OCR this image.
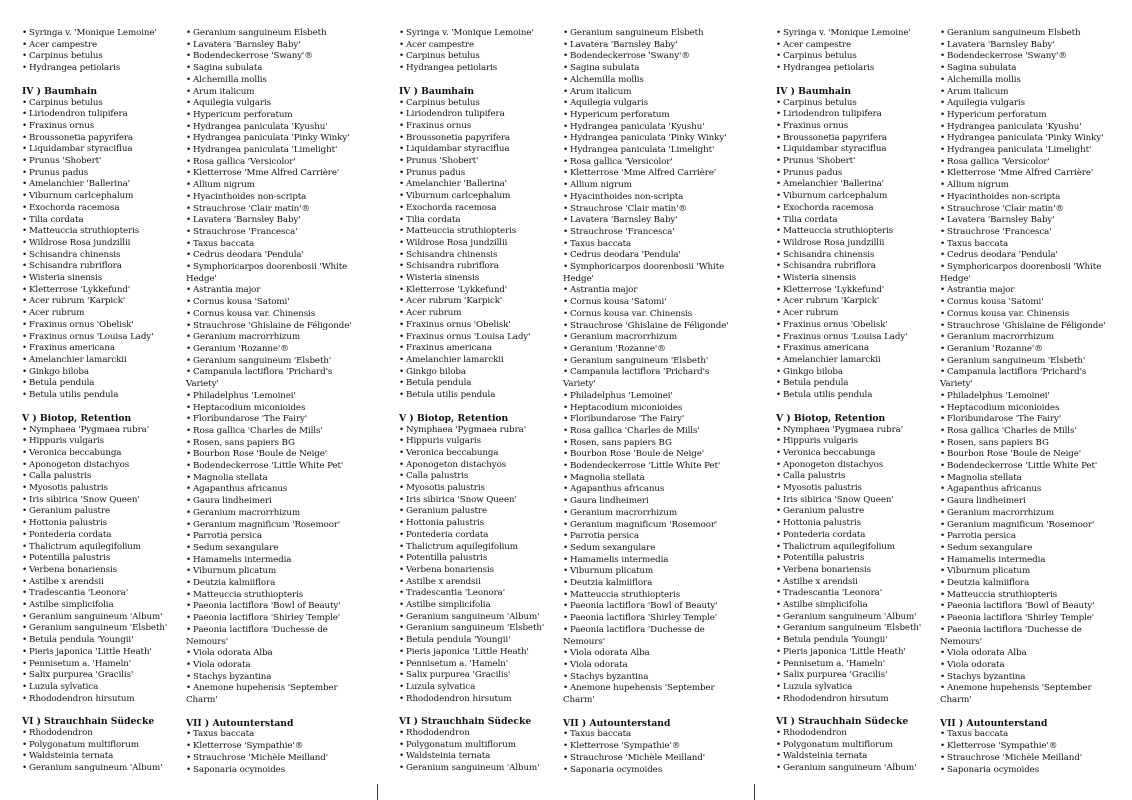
• Syringa v. 'Monique Lemoine'
• Acer campestre
• Carpinus betulus
• Hydrangea petiolaris
IV ) Baumhain
• Carpinus betulus
• Liriodendron tulipifera
• Fraxinus ornus
• Broussonetia papyrifera
• Liquidambar styraciflua
• Prunus 'Shobert'
• Prunus padus
• Amelanchier 'Ballerina'
• Viburnum carlcephalum
• Exochorda racemosa
• Tilia cordata
• Matteuccia struthiopteris
• Wildrose Rosa jundzillii
• Schisandra chinensis
• Schisandra rubriflora
• Wisteria sinensis
• Kletterrose 'Lykkefund'
• Acer rubrum 'Karpick'
• Acer rubrum
• Fraxinus ornus 'Obelisk'
• Fraxinus ornus 'Louisa Lady'
• Fraxinus americana
• Amelanchier lamarckii
• Ginkgo biloba
• Betula pendula
• Betula utilis pendula
V ) Biotop, Retention
• Nymphaea 'Pygmaea rubra'
• Hippuris vulgaris
• Veronica beccabunga
• Aponogeton distachyos
• Calla palustris
• Myosotis palustris
• Iris sibirica 'Snow Queen'
• Geranium palustre
• Hottonia palustris
• Pontederia cordata
• Thalictrum aquilegifolium
• Potentilla palustris
• Verbena bonariensis
• Astilbe x arendsii
• Tradescantia 'Leonora'
• Astilbe simplicifolia
• Geranium sanguineum 'Album'
• Geranium sanguineum 'Elsbeth'
• Betula pendula 'Youngii'
• Pieris japonica 'Little Heath'
• Pennisetum a. 'Hameln'
• Salix purpurea 'Gracilis'
• Luzula sylvatica
• Rhododendron hirsutum
VI ) Strauchhain Südecke
• Rhododendron
• Polygonatum multiflorum
• Waldsteinia ternata
• Geranium sanguineum 'Album'
• Geranium sanguineum Elsbeth
• Lavatera 'Barnsley Baby'
• Bodendeckerrose 'Swany'®
• Sagina subulata
• Alchemilla mollis
• Arum italicum
• Aquilegia vulgaris
• Hypericum perforatum
• Hydrangea paniculata 'Kyushu'
• Hydrangea paniculata 'Pinky Winky'
• Hydrangea paniculata 'Limelight'
• Rosa gallica 'Versicolor'
• Kletterrose 'Mme Alfred Carrière'
• Allium nigrum
• Hyacinthoides non-scripta
• Strauchrose 'Clair matin'®
• Lavatera 'Barnsley Baby'
• Strauchrose 'Francesca'
• Taxus baccata
• Cedrus deodara 'Pendula'
• Symphoricarpos doorenbosii 'White
Hedge'
• Astrantia major
• Cornus kousa 'Satomi'
• Cornus kousa var. Chinensis
• Strauchrose 'Ghislaine de Féligonde'
• Geranium macrorrhizum
• Geranium 'Rozanne'®
• Geranium sanguineum 'Elsbeth'
• Campanula lactiflora 'Prichard's
Variety'
• Philadelphus 'Lemoinei'
• Heptacodium miconioides
• Floribundarose 'The Fairy'
• Rosa gallica 'Charles de Mills'
• Rosen, sans papiers BG
• Bourbon Rose 'Boule de Neige'
• Bodendeckerrose 'Little White Pet'
• Magnolia stellata
• Agapanthus africanus
• Gaura lindheimeri
• Geranium macrorrhizum
• Geranium magnificum 'Rosemoor'
• Parrotia persica
• Sedum sexangulare
• Hamamelis intermedia
• Viburnum plicatum
• Deutzia kalmiiflora
• Matteuccia struthiopteris
• Paeonia lactiflora 'Bowl of Beauty'
• Paeonia lactiflora 'Shirley Temple'
• Paeonia lactiflora 'Duchesse de
Nemours'
• Viola odorata Alba
• Viola odorata
• Stachys byzantina
• Anemone hupehensis 'September
Charm'
VII ) Autounterstand
• Taxus baccata
• Kletterrose 'Sympathie'®
• Strauchrose 'Michèle Meilland'
• Saponaria ocymoides
• Syringa v. 'Monique Lemoine'
• Acer campestre
• Carpinus betulus
• Hydrangea petiolaris
IV ) Baumhain
• Carpinus betulus
• Liriodendron tulipifera
• Fraxinus ornus
• Broussonetia papyrifera
• Liquidambar styraciflua
• Prunus 'Shobert'
• Prunus padus
• Amelanchier 'Ballerina'
• Viburnum carlcephalum
• Exochorda racemosa
• Tilia cordata
• Matteuccia struthiopteris
• Wildrose Rosa jundzillii
• Schisandra chinensis
• Schisandra rubriflora
• Wisteria sinensis
• Kletterrose 'Lykkefund'
• Acer rubrum 'Karpick'
• Acer rubrum
• Fraxinus ornus 'Obelisk'
• Fraxinus ornus 'Louisa Lady'
• Fraxinus americana
• Amelanchier lamarckii
• Ginkgo biloba
• Betula pendula
• Betula utilis pendula
V ) Biotop, Retention
• Nymphaea 'Pygmaea rubra'
• Hippuris vulgaris
• Veronica beccabunga
• Aponogeton distachyos
• Calla palustris
• Myosotis palustris
• Iris sibirica 'Snow Queen'
• Geranium palustre
• Hottonia palustris
• Pontederia cordata
• Thalictrum aquilegifolium
• Potentilla palustris
• Verbena bonariensis
• Astilbe x arendsii
• Tradescantia 'Leonora'
• Astilbe simplicifolia
• Geranium sanguineum 'Album'
• Geranium sanguineum 'Elsbeth'
• Betula pendula 'Youngii'
• Pieris japonica 'Little Heath'
• Pennisetum a. 'Hameln'
• Salix purpurea 'Gracilis'
• Luzula sylvatica
• Rhododendron hirsutum
VI ) Strauchhain Südecke
• Rhododendron
• Polygonatum multiflorum
• Waldsteinia ternata
• Geranium sanguineum 'Album'
• Geranium sanguineum Elsbeth
• Lavatera 'Barnsley Baby'
• Bodendeckerrose 'Swany'®
• Sagina subulata
• Alchemilla mollis
• Arum italicum
• Aquilegia vulgaris
• Hypericum perforatum
• Hydrangea paniculata 'Kyushu'
• Hydrangea paniculata 'Pinky Winky'
• Hydrangea paniculata 'Limelight'
• Rosa gallica 'Versicolor'
• Kletterrose 'Mme Alfred Carrière'
• Allium nigrum
• Hyacinthoides non-scripta
• Strauchrose 'Clair matin'®
• Lavatera 'Barnsley Baby'
• Strauchrose 'Francesca'
• Taxus baccata
• Cedrus deodara 'Pendula'
• Symphoricarpos doorenbosii 'White
Hedge'
• Astrantia major
• Cornus kousa 'Satomi'
• Cornus kousa var. Chinensis
• Strauchrose 'Ghislaine de Féligonde'
• Geranium macrorrhizum
• Geranium 'Rozanne'®
• Geranium sanguineum 'Elsbeth'
• Campanula lactiflora 'Prichard's
Variety'
• Philadelphus 'Lemoinei'
• Heptacodium miconioides
• Floribundarose 'The Fairy'
• Rosa gallica 'Charles de Mills'
• Rosen, sans papiers BG
• Bourbon Rose 'Boule de Neige'
• Bodendeckerrose 'Little White Pet'
• Magnolia stellata
• Agapanthus africanus
• Gaura lindheimeri
• Geranium macrorrhizum
• Geranium magnificum 'Rosemoor'
• Parrotia persica
• Sedum sexangulare
• Hamamelis intermedia
• Viburnum plicatum
• Deutzia kalmiiflora
• Matteuccia struthiopteris
• Paeonia lactiflora 'Bowl of Beauty'
• Paeonia lactiflora 'Shirley Temple'
• Paeonia lactiflora 'Duchesse de
Nemours'
• Viola odorata Alba
• Viola odorata
• Stachys byzantina
• Anemone hupehensis 'September
Charm'
VII ) Autounterstand
• Taxus baccata
• Kletterrose 'Sympathie'®
• Strauchrose 'Michèle Meilland'
• Saponaria ocymoides
• Syringa v. 'Monique Lemoine'
• Acer campestre
• Carpinus betulus
• Hydrangea petiolaris
IV ) Baumhain
• Carpinus betulus
• Liriodendron tulipifera
• Fraxinus ornus
• Broussonetia papyrifera
• Liquidambar styraciflua
• Prunus 'Shobert'
• Prunus padus
• Amelanchier 'Ballerina'
• Viburnum carlcephalum
• Exochorda racemosa
• Tilia cordata
• Matteuccia struthiopteris
• Wildrose Rosa jundzillii
• Schisandra chinensis
• Schisandra rubriflora
• Wisteria sinensis
• Kletterrose 'Lykkefund'
• Acer rubrum 'Karpick'
• Acer rubrum
• Fraxinus ornus 'Obelisk'
• Fraxinus ornus 'Louisa Lady'
• Fraxinus americana
• Amelanchier lamarckii
• Ginkgo biloba
• Betula pendula
• Betula utilis pendula
V ) Biotop, Retention
• Nymphaea 'Pygmaea rubra'
• Hippuris vulgaris
• Veronica beccabunga
• Aponogeton distachyos
• Calla palustris
• Myosotis palustris
• Iris sibirica 'Snow Queen'
• Geranium palustre
• Hottonia palustris
• Pontederia cordata
• Thalictrum aquilegifolium
• Potentilla palustris
• Verbena bonariensis
• Astilbe x arendsii
• Tradescantia 'Leonora'
• Astilbe simplicifolia
• Geranium sanguineum 'Album'
• Geranium sanguineum 'Elsbeth'
• Betula pendula 'Youngii'
• Pieris japonica 'Little Heath'
• Pennisetum a. 'Hameln'
• Salix purpurea 'Gracilis'
• Luzula sylvatica
• Rhododendron hirsutum
VI ) Strauchhain Südecke
• Rhododendron
• Polygonatum multiflorum
• Waldsteinia ternata
• Geranium sanguineum 'Album'
• Geranium sanguineum Elsbeth
• Lavatera 'Barnsley Baby'
• Bodendeckerrose 'Swany'®
• Sagina subulata
• Alchemilla mollis
• Arum italicum
• Aquilegia vulgaris
• Hypericum perforatum
• Hydrangea paniculata 'Kyushu'
• Hydrangea paniculata 'Pinky Winky'
• Hydrangea paniculata 'Limelight'
• Rosa gallica 'Versicolor'
• Kletterrose 'Mme Alfred Carrière'
• Allium nigrum
• Hyacinthoides non-scripta
• Strauchrose 'Clair matin'®
• Lavatera 'Barnsley Baby'
• Strauchrose 'Francesca'
• Taxus baccata
• Cedrus deodara 'Pendula'
• Symphoricarpos doorenbosii 'White
Hedge'
• Astrantia major
• Cornus kousa 'Satomi'
• Cornus kousa var. Chinensis
• Strauchrose 'Ghislaine de Féligonde'
• Geranium macrorrhizum
• Geranium 'Rozanne'®
• Geranium sanguineum 'Elsbeth'
• Campanula lactiflora 'Prichard's
Variety'
• Philadelphus 'Lemoinei'
• Heptacodium miconioides
• Floribundarose 'The Fairy'
• Rosa gallica 'Charles de Mills'
• Rosen, sans papiers BG
• Bourbon Rose 'Boule de Neige'
• Bodendeckerrose 'Little White Pet'
• Magnolia stellata
• Agapanthus africanus
• Gaura lindheimeri
• Geranium macrorrhizum
• Geranium magnificum 'Rosemoor'
• Parrotia persica
• Sedum sexangulare
• Hamamelis intermedia
• Viburnum plicatum
• Deutzia kalmiiflora
• Matteuccia struthiopteris
• Paeonia lactiflora 'Bowl of Beauty'
• Paeonia lactiflora 'Shirley Temple'
• Paeonia lactiflora 'Duchesse de
Nemours'
• Viola odorata Alba
• Viola odorata
• Stachys byzantina
• Anemone hupehensis 'September
Charm'
VII ) Autounterstand
• Taxus baccata
• Kletterrose 'Sympathie'®
• Strauchrose 'Michèle Meilland'
• Saponaria ocymoides
